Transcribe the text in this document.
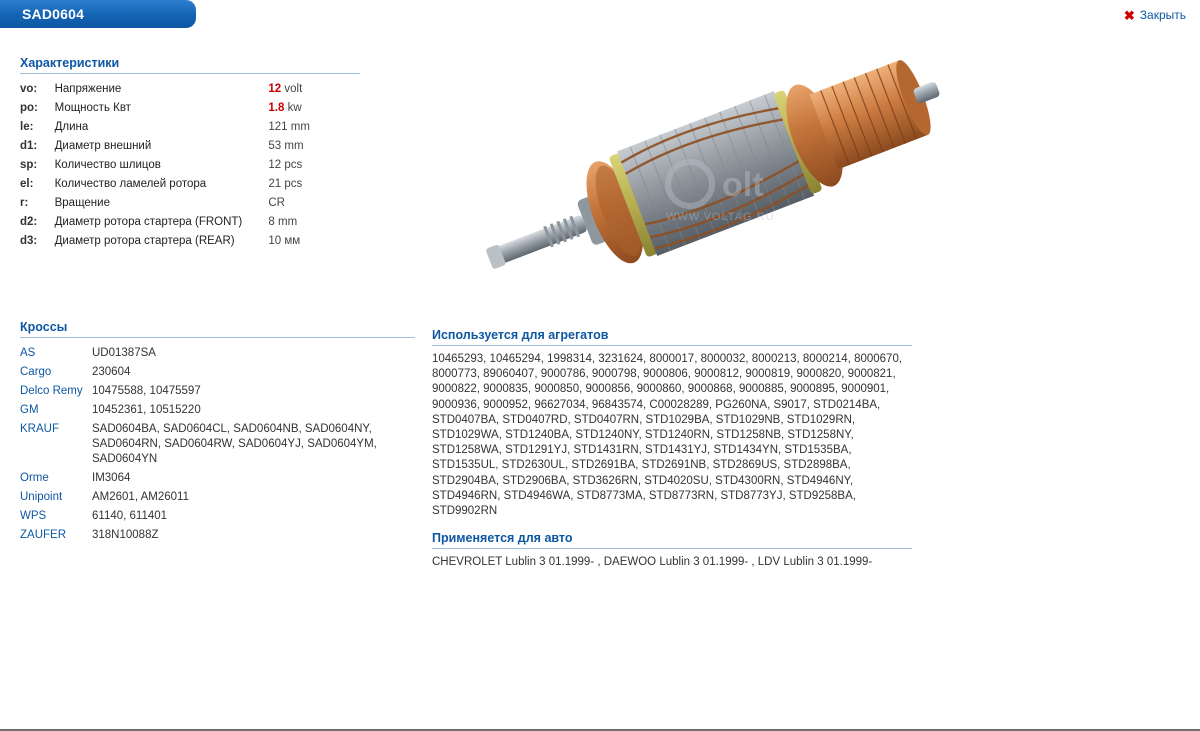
SAD0604	✖ Закрыть
Характеристики
vo:	Напряжение	12 volt
po:	Мощность Квт	1.8 kw
le:	Длина	121 mm
d1:	Диаметр внешний	53 mm
sp:	Количество шлицов	12 pcs
el:	Количество ламелей ротора	21 pcs
r:	Вращение	CR
d2:	Диаметр ротора стартера (FRONT)	8 mm
d3:	Диаметр ротора стартера (REAR)	10 мм
olt
WWW.VOLTAG.RU
Кроссы
AS	UD01387SA
Cargo	230604
Delco Remy	10475588, 10475597
GM	10452361, 10515220
KRAUF	SAD0604BA, SAD0604CL, SAD0604NB, SAD0604NY, SAD0604RN, SAD0604RW, SAD0604YJ, SAD0604YM, SAD0604YN
Orme	IM3064
Unipoint	AM2601, AM26011
WPS	61140, 611401
ZAUFER	318N10088Z
Используется для агрегатов
10465293, 10465294, 1998314, 3231624, 8000017, 8000032, 8000213, 8000214, 8000670, 8000773, 89060407, 9000786, 9000798, 9000806, 9000812, 9000819, 9000820, 9000821, 9000822, 9000835, 9000850, 9000856, 9000860, 9000868, 9000885, 9000895, 9000901, 9000936, 9000952, 96627034, 96843574, C00028289, PG260NA, S9017, STD0214BA, STD0407BA, STD0407RD, STD0407RN, STD1029BA, STD1029NB, STD1029RN, STD1029WA, STD1240BA, STD1240NY, STD1240RN, STD1258NB, STD1258NY, STD1258WA, STD1291YJ, STD1431RN, STD1431YJ, STD1434YN, STD1535BA, STD1535UL, STD2630UL, STD2691BA, STD2691NB, STD2869US, STD2898BA, STD2904BA, STD2906BA, STD3626RN, STD4020SU, STD4300RN, STD4946NY, STD4946RN, STD4946WA, STD8773MA, STD8773RN, STD8773YJ, STD9258BA, STD9902RN
Применяется для авто
CHEVROLET Lublin 3 01.1999- , DAEWOO Lublin 3 01.1999- , LDV Lublin 3 01.1999-
